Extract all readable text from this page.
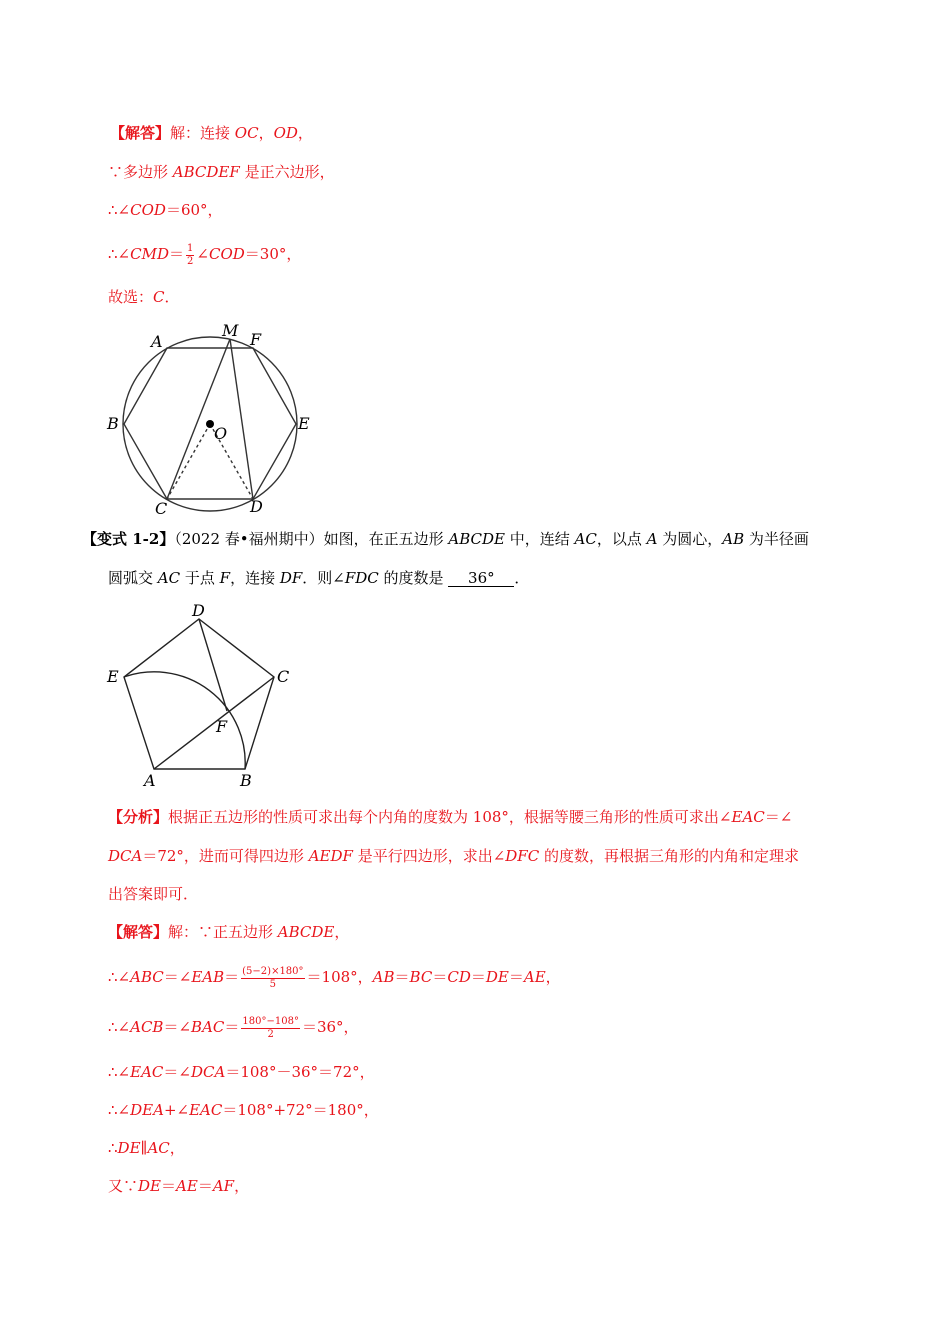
【解答】解：连接 OC，OD，
∵多边形 ABCDEF 是正六边形，
∴∠COD＝60°，
∴∠CMD＝ $\frac{1}{2}$ ∠COD＝30°，
故选：C．
A
M F
B
O
E
C	D
【变式 1-2】（2022 春•福州期中）如图，在正五边形 ABCDE 中，连结 AC，以点 A 为圆心，AB 为半径画
圆弧交 AC 于点 F，连接 DF．则∠FDC 的度数是 36° ．
D
E	C
F
A	B
【分析】根据正五边形的性质可求出每个内角的度数为 108°，根据等腰三角形的性质可求出∠EAC＝∠
DCA＝72°，进而可得四边形 AEDF 是平行四边形，求出∠DFC 的度数，再根据三角形的内角和定理求
出答案即可．
【解答】解：∵正五边形 ABCDE，
∴∠ABC＝∠EAB＝ $\frac{(5-2)\times 180^\circ}{5} =108^\circ$，AB＝BC＝CD＝DE＝AE，
∴∠ACB＝∠BAC＝ $\frac{180^\circ-108^\circ}{2} =36^\circ$，
∴∠EAC＝∠DCA＝108°－36°＝72°，
∴∠DEA+∠EAC＝108°+72°＝180°，
∴DE∥AC，
又∵DE＝AE＝AF，
